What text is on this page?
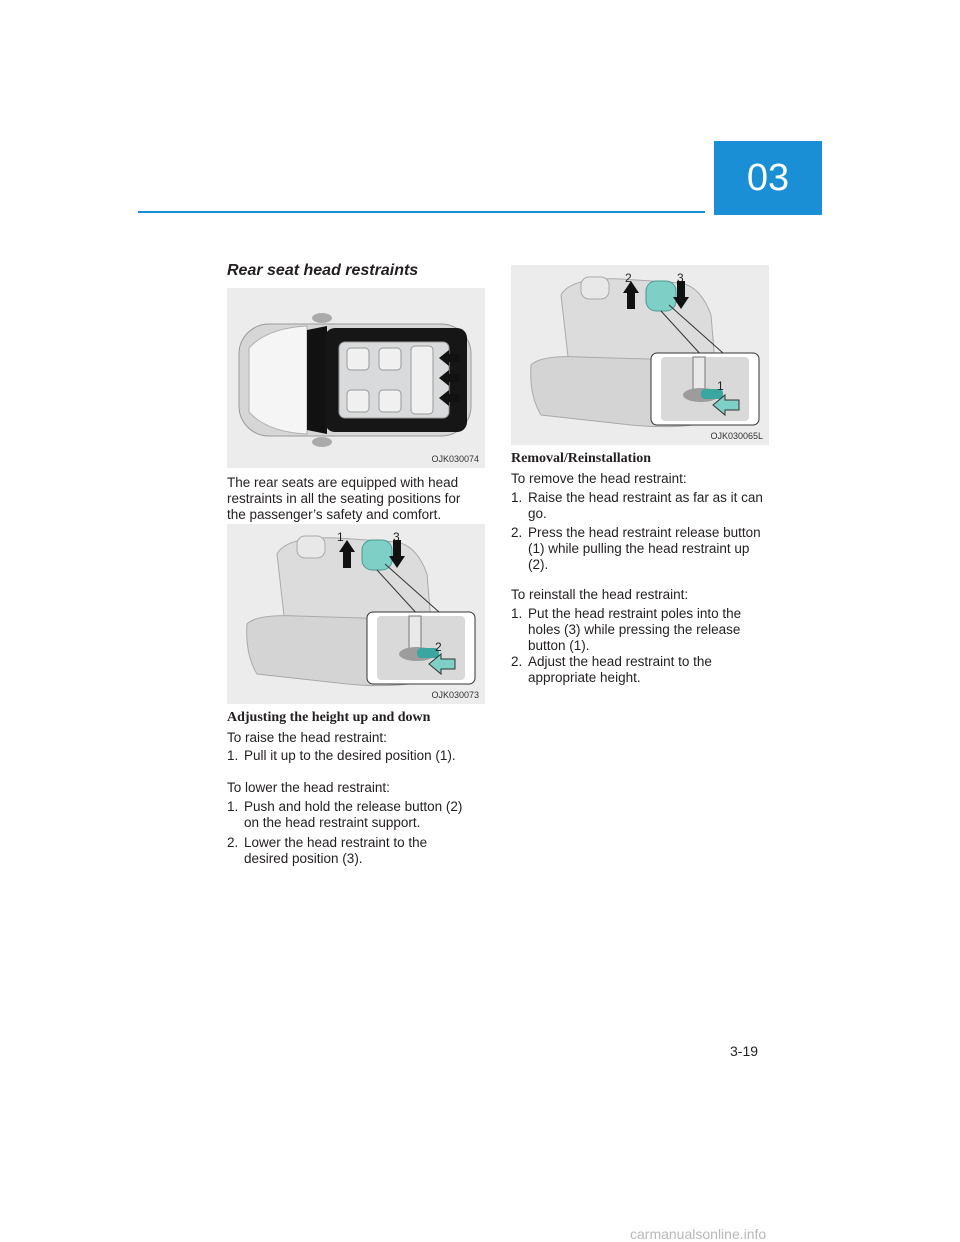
03
Rear seat head restraints
OJK030074
The rear seats are equipped with head
restraints in all the seating positions for
the passenger’s safety and comfort.
1	3
2
OJK030073
Adjusting the height up and down
To raise the head restraint:
1. Pull it up to the desired position (1).
To lower the head restraint:
1. Push and hold the release button (2)
on the head restraint support.
2. Lower the head restraint to the
desired position (3).
2	3
1
OJK030065L
Removal/Reinstallation
To remove the head restraint:
1. Raise the head restraint as far as it can
go.
2. Press the head restraint release button
(1) while pulling the head restraint up
(2).
To reinstall the head restraint:
1. Put the head restraint poles into the
holes (3) while pressing the release
button (1).
2. Adjust the head restraint to the
appropriate height.
3-19
carmanualsonline.info
